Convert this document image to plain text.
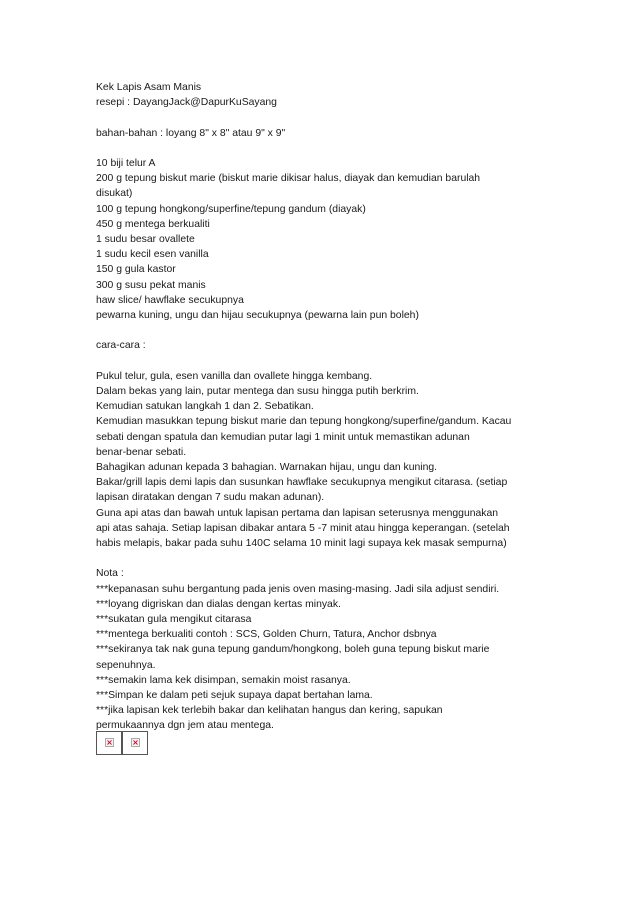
Kek Lapis Asam Manis
resepi : DayangJack@DapurKuSayang
bahan-bahan : loyang 8" x 8" atau 9" x 9"
10 biji telur A
200 g tepung biskut marie (biskut marie dikisar halus, diayak dan kemudian barulah
disukat)
100 g tepung hongkong/superfine/tepung gandum (diayak)
450 g mentega berkualiti
1 sudu besar ovallete
1 sudu kecil esen vanilla
150 g gula kastor
300 g susu pekat manis
haw slice/ hawflake secukupnya
pewarna kuning, ungu dan hijau secukupnya (pewarna lain pun boleh)
cara-cara :
Pukul telur, gula, esen vanilla dan ovallete hingga kembang.
Dalam bekas yang lain, putar mentega dan susu hingga putih berkrim.
Kemudian satukan langkah 1 dan 2. Sebatikan.
Kemudian masukkan tepung biskut marie dan tepung hongkong/superfine/gandum. Kacau
sebati dengan spatula dan kemudian putar lagi 1 minit untuk memastikan adunan
benar-benar sebati.
Bahagikan adunan kepada 3 bahagian. Warnakan hijau, ungu dan kuning.
Bakar/grill lapis demi lapis dan susunkan hawflake secukupnya mengikut citarasa. (setiap
lapisan diratakan dengan 7 sudu makan adunan).
Guna api atas dan bawah untuk lapisan pertama dan lapisan seterusnya menggunakan
api atas sahaja. Setiap lapisan dibakar antara 5 -7 minit atau hingga keperangan. (setelah
habis melapis, bakar pada suhu 140C selama 10 minit lagi supaya kek masak sempurna)
Nota :
***kepanasan suhu bergantung pada jenis oven masing-masing. Jadi sila adjust sendiri.
***loyang digriskan dan dialas dengan kertas minyak.
***sukatan gula mengikut citarasa
***mentega berkualiti contoh : SCS, Golden Churn, Tatura, Anchor dsbnya
***sekiranya tak nak guna tepung gandum/hongkong, boleh guna tepung biskut marie
sepenuhnya.
***semakin lama kek disimpan, semakin moist rasanya.
***Simpan ke dalam peti sejuk supaya dapat bertahan lama.
***jika lapisan kek terlebih bakar dan kelihatan hangus dan kering, sapukan
permukaannya dgn jem atau mentega.
× ×
